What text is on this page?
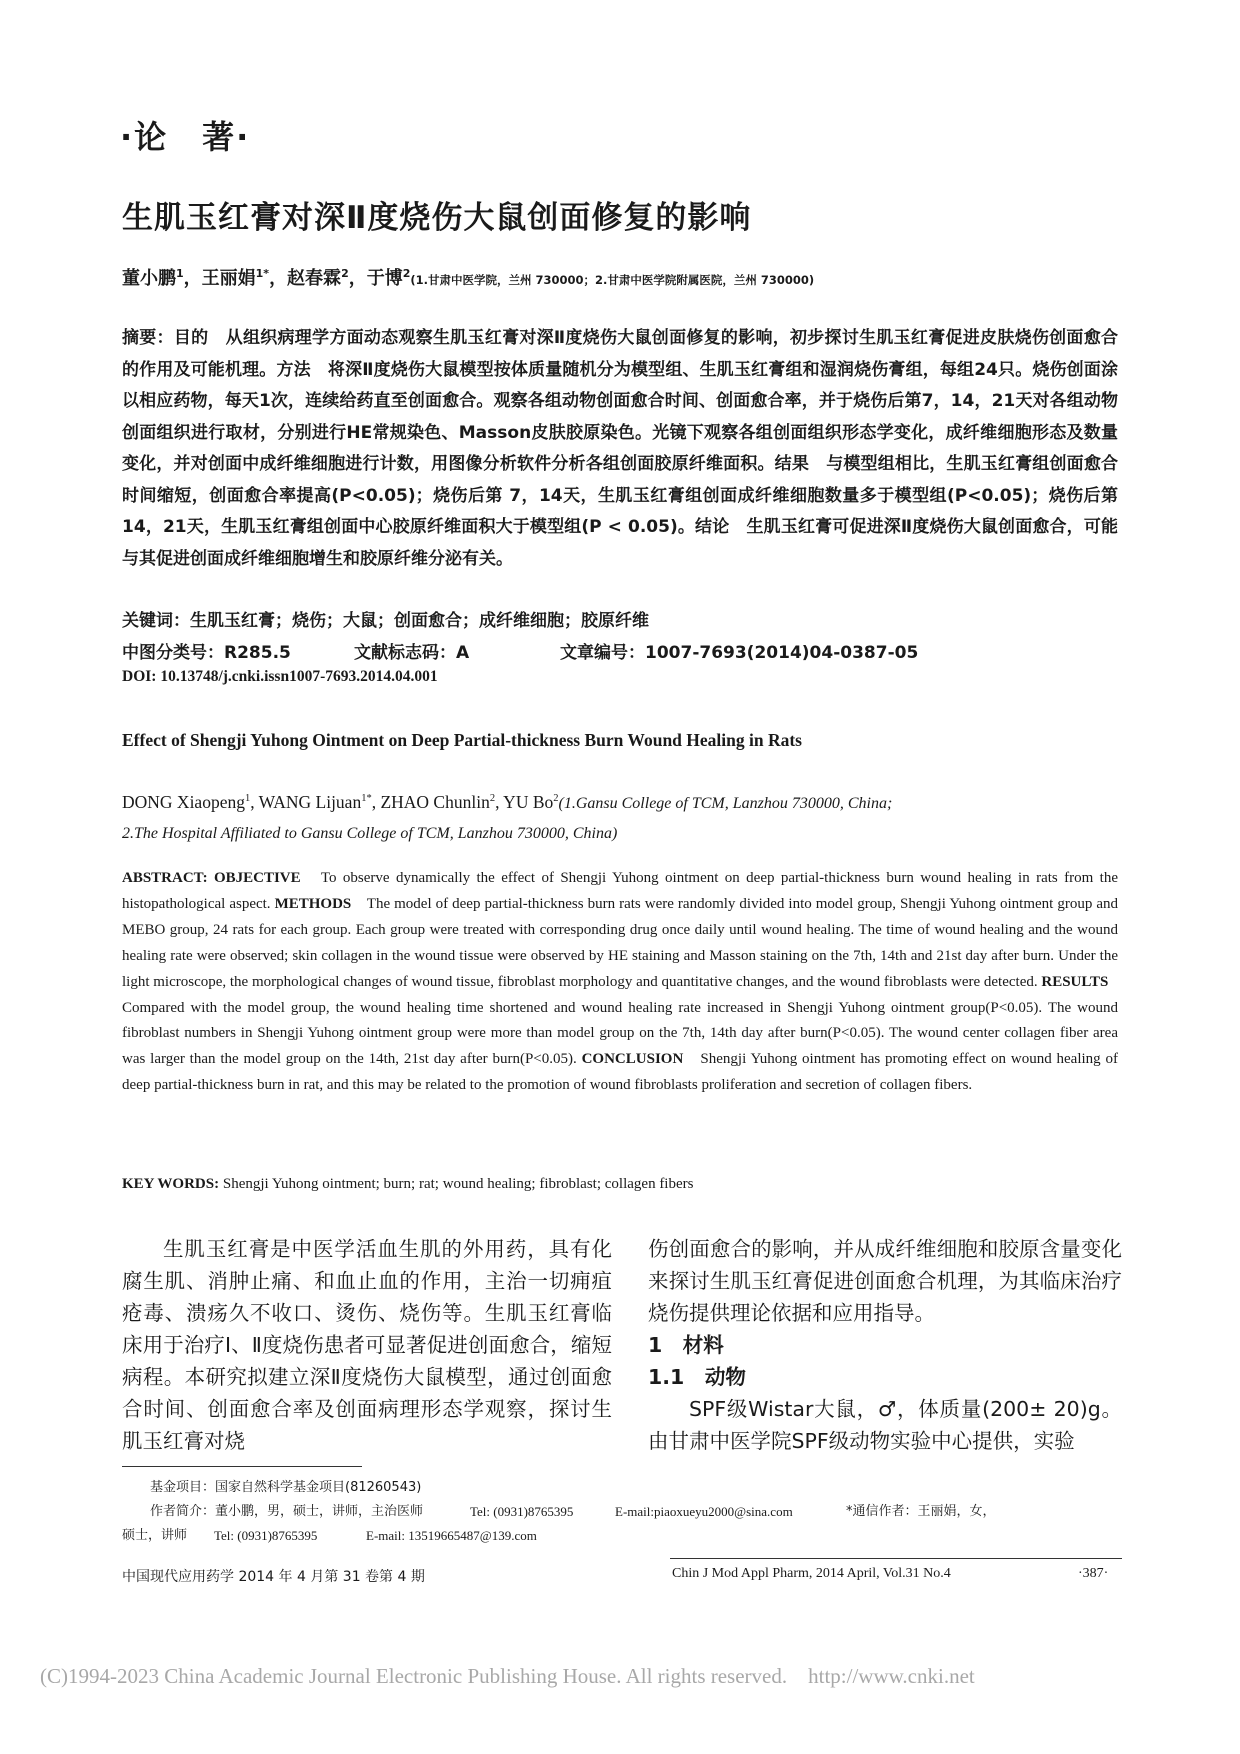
·论　著·
生肌玉红膏对深Ⅱ度烧伤大鼠创面修复的影响
董小鹏$^1$，王丽娟$^{1*}$，赵春霖$^2$，于博$^2$(1.甘肃中医学院，兰州 730000；2.甘肃中医学院附属医院，兰州 730000)
摘要：目的　从组织病理学方面动态观察生肌玉红膏对深Ⅱ度烧伤大鼠创面修复的影响，初步探讨生肌玉红膏促进皮肤烧伤创面愈合的作用及可能机理。方法　将深Ⅱ度烧伤大鼠模型按体质量随机分为模型组、生肌玉红膏组和湿润烧伤膏组，每组24只。烧伤创面涂以相应药物，每天1次，连续给药直至创面愈合。观察各组动物创面愈合时间、创面愈合率，并于烧伤后第7，14，21天对各组动物创面组织进行取材，分别进行HE常规染色、Masson皮肤胶原染色。光镜下观察各组创面组织形态学变化，成纤维细胞形态及数量变化，并对创面中成纤维细胞进行计数，用图像分析软件分析各组创面胶原纤维面积。结果　与模型组相比，生肌玉红膏组创面愈合时间缩短，创面愈合率提高(P<0.05)；烧伤后第 7，14天，生肌玉红膏组创面成纤维细胞数量多于模型组(P<0.05)；烧伤后第14，21天，生肌玉红膏组创面中心胶原纤维面积大于模型组(P < 0.05)。结论　生肌玉红膏可促进深Ⅱ度烧伤大鼠创面愈合，可能与其促进创面成纤维细胞增生和胶原纤维分泌有关。
关键词：生肌玉红膏；烧伤；大鼠；创面愈合；成纤维细胞；胶原纤维
中图分类号：R285.5	文献标志码：A	文章编号：1007-7693(2014)04-0387-05
DOI: 10.13748/j.cnki.issn1007-7693.2014.04.001
Effect of Shengji Yuhong Ointment on Deep Partial-thickness Burn Wound Healing in Rats
DONG Xiaopeng$^1$, WANG Lijuan$^{1*}$, ZHAO Chunlin$^2$, YU Bo$^2$(1.Gansu College of TCM, Lanzhou 730000, China;
2.The Hospital Affiliated to Gansu College of TCM, Lanzhou 730000, China)
ABSTRACT: OBJECTIVE　To observe dynamically the effect of Shengji Yuhong ointment on deep partial-thickness burn wound healing in rats from the histopathological aspect. METHODS　The model of deep partial-thickness burn rats were randomly divided into model group, Shengji Yuhong ointment group and MEBO group, 24 rats for each group. Each group were treated with corresponding drug once daily until wound healing. The time of wound healing and the wound healing rate were observed; skin collagen in the wound tissue were observed by HE staining and Masson staining on the 7th, 14th and 21st day after burn. Under the light microscope, the morphological changes of wound tissue, fibroblast morphology and quantitative changes, and the wound fibroblasts were detected. RESULTS　Compared with the model group, the wound healing time shortened and wound healing rate increased in Shengji Yuhong ointment group(P<0.05). The wound fibroblast numbers in Shengji Yuhong ointment group were more than model group on the 7th, 14th day after burn(P<0.05). The wound center collagen fiber area was larger than the model group on the 14th, 21st day after burn(P<0.05). CONCLUSION　Shengji Yuhong ointment has promoting effect on wound healing of deep partial-thickness burn in rat, and this may be related to the promotion of wound fibroblasts proliferation and secretion of collagen fibers.
KEY WORDS: Shengji Yuhong ointment; burn; rat; wound healing; fibroblast; collagen fibers

生肌玉红膏是中医学活血生肌的外用药，具有化腐生肌、消肿止痛、和血止血的作用，主治一切痈疽疮毒、溃疡久不收口、烫伤、烧伤等。生肌玉红膏临床用于治疗Ⅰ、Ⅱ度烧伤患者可显著促进创面愈合，缩短病程。本研究拟建立深Ⅱ度烧伤大鼠模型，通过创面愈合时间、创面愈合率及创面病理形态学观察，探讨生肌玉红膏对烧

伤创面愈合的影响，并从成纤维细胞和胶原含量变化来探讨生肌玉红膏促进创面愈合机理，为其临床治疗烧伤提供理论依据和应用指导。

1　材料

1.1　动物

SPF级Wistar大鼠，♂，体质量(200± 20)g。由甘肃中医学院SPF级动物实验中心提供，实验

基金项目：国家自然科学基金项目(81260543)
作者简介：董小鹏，男，硕士，讲师，主治医师	Tel: (0931)8765395	E-mail:piaoxueyu2000@sina.com	*通信作者：王丽娟，女，
硕士，讲师 Tel: (0931)8765395	E-mail: 13519665487@139.com
中国现代应用药学 2014 年 4 月第 31 卷第 4 期	Chin J Mod Appl Pharm, 2014 April, Vol.31 No.4	·387·
(C)1994-2023 China Academic Journal Electronic Publishing House. All rights reserved.　http://www.cnki.net
